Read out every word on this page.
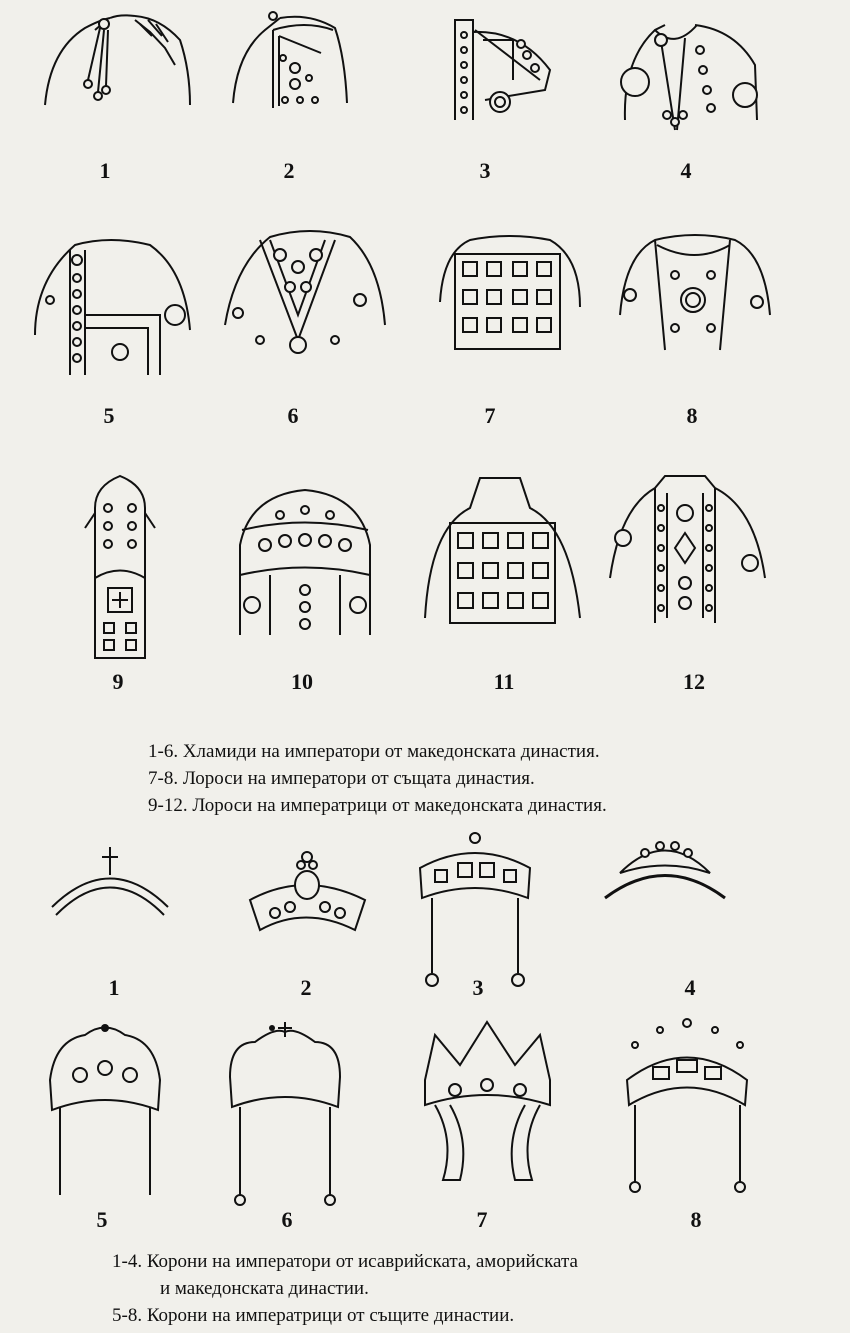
1	2	3	4
5	6	7	8
9	10	11	12
1-6. Хламиди на императори от македонската династия.
7-8. Лороси на императори от същата династия.
9-12. Лороси на императрици от македонската династия.
1	2	3	4
5	6	7	8
1-4. Корони на императори от исаврийската, аморийската
и македонската династии.
5-8. Корони на императрици от същите династии.
